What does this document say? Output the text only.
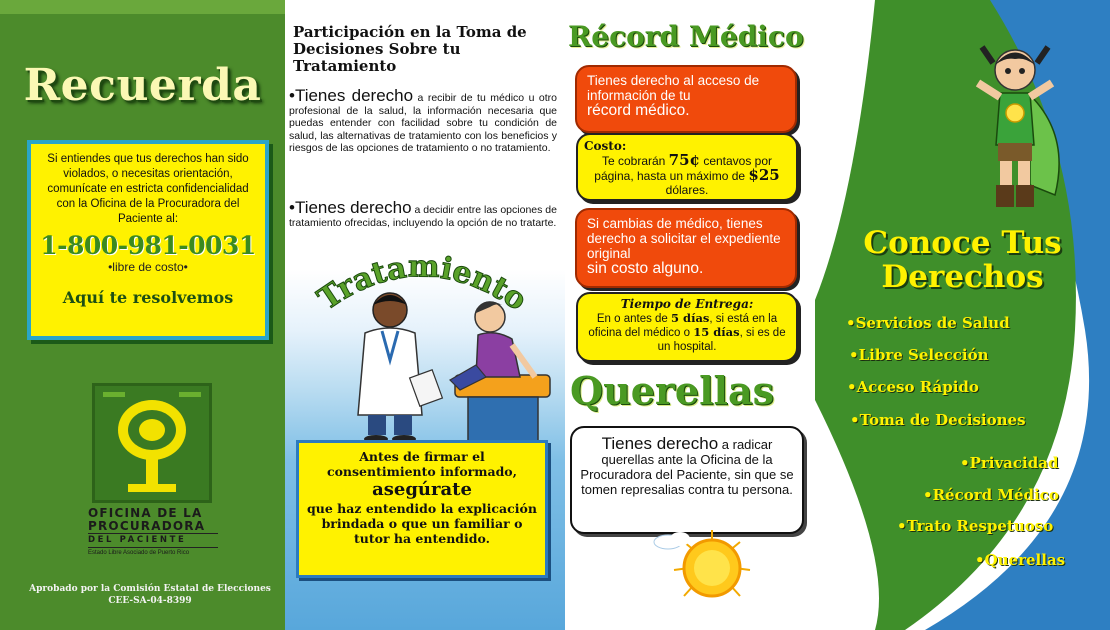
Recuerda
Si entiendes que tus derechos han sido violados, o necesitas orientación, comunícate en estricta confidencialidad con la Oficina de la Procuradora del Paciente al:
1-800-981-0031
•libre de costo•
Aquí te resolvemos
OFICINA DE LA
PROCURADORA
DEL PACIENTE
Estado Libre Asociado de Puerto Rico
Aprobado por la Comisión Estatal de Elecciones
CEE-SA-04-8399
Participación en la Toma de Decisiones Sobre tu Tratamiento
•Tienes derecho a recibir de tu médico u otro profesional de la salud, la información necesaria que puedas entender con facilidad sobre tu condición de salud, las alternativas de tratamiento con los beneficios y riesgos de las opciones de tratamiento o no tratamiento.
•Tienes derecho a decidir entre las opciones de tratamiento ofrecidas, incluyendo la opción de no tratarte.
Tratamiento
Antes de firmar el consentimiento informado,
asegúrate
que haz entendido la explicación brindada o que un familiar o tutor ha entendido.
Récord Médico
Tienes derecho al acceso de información de tu
récord médico.
Costo:
Te cobrarán 75¢ centavos por página, hasta un máximo de $25 dólares.
Si cambias de médico, tienes derecho a solicitar el expediente original
sin costo alguno.
Tiempo de Entrega:
En o antes de 5 días, si está en la oficina del médico o 15 días, si es de un hospital.
Querellas
Tienes derecho a radicar querellas ante la Oficina de la Procuradora del Paciente, sin que se tomen represalias contra tu persona.
Conoce Tus Derechos
•Servicios de Salud
•Libre Selección
•Acceso Rápido
•Toma de Decisiones
•Privacidad
•Récord Médico
•Trato Respetuoso
•Querellas
